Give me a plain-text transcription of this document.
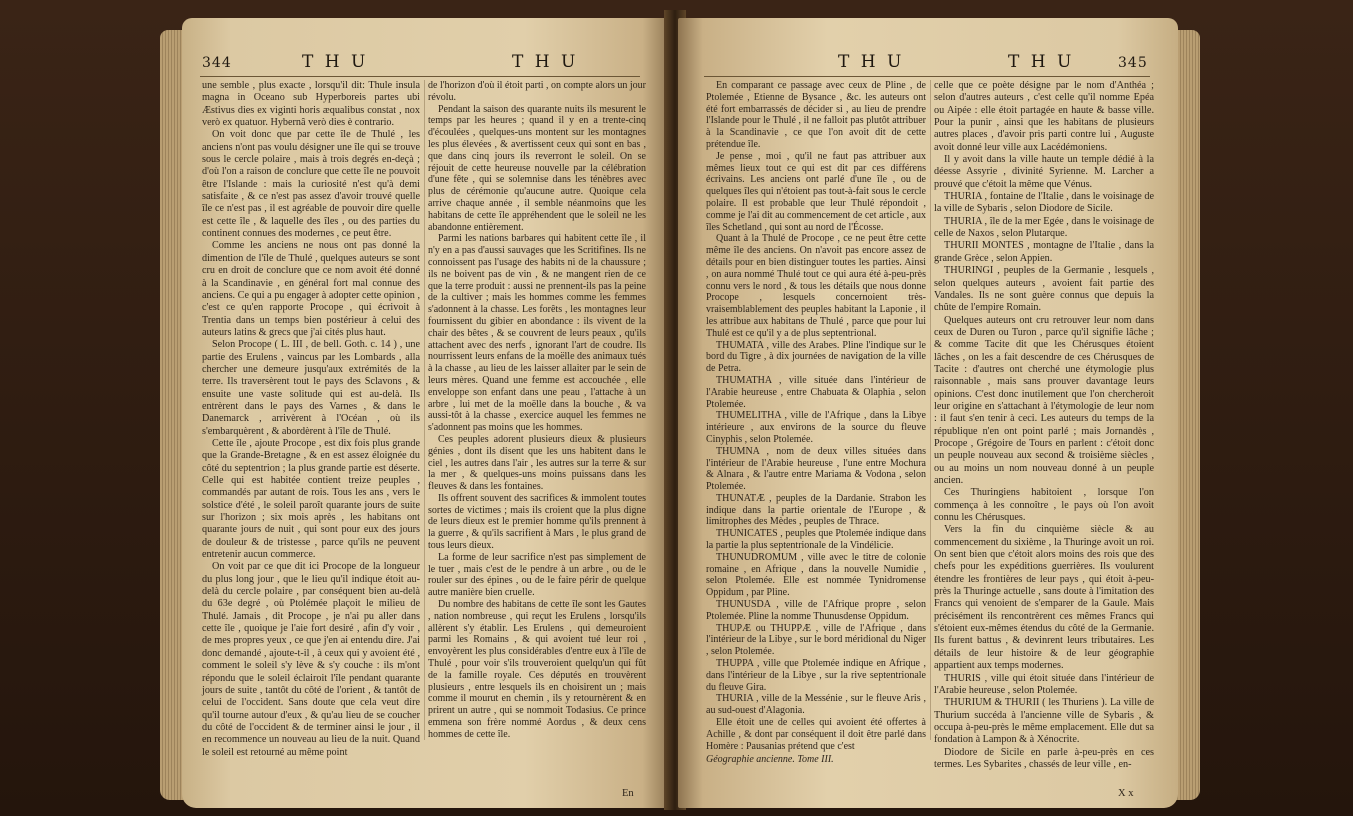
344	T H U	T H U

une semble , plus exacte , lorsqu'il dit: Thule insula magna in Oceano sub Hyperboreis partes ubi Æstivus dies ex viginti horis æqualibus constat , nox verò ex quatuor. Hybernâ verò dies è contrario.

On voit donc que par cette île de Thulé , les anciens n'ont pas voulu désigner une île qui se trouve sous le cercle polaire , mais à trois degrés en-deçà ; d'où l'on a raison de conclure que cette île ne pouvoit être l'Islande : mais la curiosité n'est qu'à demi satisfaite , & ce n'est pas assez d'avoir trouvé quelle île ce n'est pas , il est agréable de pouvoir dire quelle est cette île , & laquelle des îles , ou des parties du continent connues des modernes , ce peut être.

Comme les anciens ne nous ont pas donné la dimention de l'île de Thulé , quelques auteurs se sont cru en droit de conclure que ce nom avoit été donné à la Scandinavie , en général fort mal connue des anciens. Ce qui a pu engager à adopter cette opinion , c'est ce qu'en rapporte Procope , qui écrivoit à Trentia dans un temps bien postérieur à celui des auteurs latins & grecs que j'ai cités plus haut.

Selon Procope ( L. III , de bell. Goth. c. 14 ) , une partie des Erulens , vaincus par les Lombards , alla chercher une demeure jusqu'aux extrémités de la terre. Ils traversèrent tout le pays des Sclavons , & ensuite une vaste solitude qui est au-delà. Ils entrèrent dans le pays des Varnes , & dans le Danemarck , arrivèrent à l'Océan , où ils s'embarquèrent , & abordèrent à l'île de Thulé.

Cette île , ajoute Procope , est dix fois plus grande que la Grande-Bretagne , & en est assez éloignée du côté du septentrion ; la plus grande partie est déserte. Celle qui est habitée contient treize peuples , commandés par autant de rois. Tous les ans , vers le solstice d'été , le soleil paroît quarante jours de suite sur l'horizon ; six mois après , les habitans ont quarante jours de nuit , qui sont pour eux des jours de douleur & de tristesse , parce qu'ils ne peuvent entretenir aucun commerce.

On voit par ce que dit ici Procope de la longueur du plus long jour , que le lieu qu'il indique étoit au-delà du cercle polaire , par conséquent bien au-delà du 63e degré , où Ptolémée plaçoit le milieu de Thulé. Jamais , dit Procope , je n'ai pu aller dans cette île , quoique je l'aie fort desiré , afin d'y voir , de mes propres yeux , ce que j'en ai entendu dire. J'ai donc demandé , ajoute-t-il , à ceux qui y avoient été , comment le soleil s'y lève & s'y couche : ils m'ont répondu que le soleil éclairoit l'île pendant quarante jours de suite , tantôt du côté de l'orient , & tantôt de celui de l'occident. Sans doute que cela veut dire qu'il tourne autour d'eux , & qu'au lieu de se coucher du côté de l'occident & de terminer ainsi le jour , il en recommence un nouveau au lieu de la nuit. Quand le soleil est retourné au même point

de l'horizon d'où il étoit parti , on compte alors un jour révolu.

Pendant la saison des quarante nuits ils mesurent le temps par les heures ; quand il y en a trente-cinq d'écoulées , quelques-uns montent sur les montagnes les plus élevées , & avertissent ceux qui sont en bas , que dans cinq jours ils reverront le soleil. On se réjouit de cette heureuse nouvelle par la célébration d'une fête , qui se solemnise dans les ténèbres avec plus de cérémonie qu'aucune autre. Quoique cela arrive chaque année , il semble néanmoins que les habitans de cette île appréhendent que le soleil ne les abandonne entièrement.

Parmi les nations barbares qui habitent cette île , il n'y en a pas d'aussi sauvages que les Scritifines. Ils ne connoissent pas l'usage des habits ni de la chaussure ; ils ne boivent pas de vin , & ne mangent rien de ce que la terre produit : aussi ne prennent-ils pas la peine de la cultiver ; mais les hommes comme les femmes s'adonnent à la chasse. Les forêts , les montagnes leur fournissent du gibier en abondance : ils vivent de la chair des bêtes , & se couvrent de leurs peaux , qu'ils attachent avec des nerfs , ignorant l'art de coudre. Ils nourrissent leurs enfans de la moëlle des animaux tués à la chasse , au lieu de les laisser allaiter par le sein de leurs mères. Quand une femme est accouchée , elle enveloppe son enfant dans une peau , l'attache à un arbre , lui met de la moëlle dans la bouche , & va aussi-tôt à la chasse , exercice auquel les femmes ne s'adonnent pas moins que les hommes.

Ces peuples adorent plusieurs dieux & plusieurs génies , dont ils disent que les uns habitent dans le ciel , les autres dans l'air , les autres sur la terre & sur la mer , & quelques-uns moins puissans dans les fleuves & dans les fontaines.

Ils offrent souvent des sacrifices & immolent toutes sortes de victimes ; mais ils croient que la plus digne de leurs dieux est le premier homme qu'ils prennent à la guerre , & qu'ils sacrifient à Mars , le plus grand de tous leurs dieux.

La forme de leur sacrifice n'est pas simplement de le tuer , mais c'est de le pendre à un arbre , ou de le rouler sur des épines , ou de le faire périr de quelque autre manière bien cruelle.

Du nombre des habitans de cette île sont les Gautes , nation nombreuse , qui reçut les Erulens , lorsqu'ils allèrent s'y établir. Les Erulens , qui demeuroient parmi les Romains , & qui avoient tué leur roi , envoyèrent les plus considérables d'entre eux à l'île de Thulé , pour voir s'ils trouveroient quelqu'un qui fût de la famille royale. Ces députés en trouvèrent plusieurs , entre lesquels ils en choisirent un ; mais comme il mourut en chemin , ils y retournèrent & en prirent un autre , qui se nommoit Todasius. Ce prince emmena son frère nommé Aordus , & deux cens hommes de cette île.

En
T H U	T H U	345

En comparant ce passage avec ceux de Pline , de Ptolemée , Etienne de Bysance , &c. les auteurs ont été fort embarrassés de décider si , au lieu de prendre l'Islande pour le Thulé , il ne falloit pas plutôt attribuer à la Scandinavie , ce que l'on avoit dit de cette prétendue île.

Je pense , moi , qu'il ne faut pas attribuer aux mêmes lieux tout ce qui est dit par ces différens écrivains. Les anciens ont parlé d'une île , ou de quelques îles qui n'étoient pas tout-à-fait sous le cercle polaire. Il est probable que leur Thulé répondoit , comme je l'ai dit au commencement de cet article , aux îles Schetland , qui sont au nord de l'Écosse.

Quant à la Thulé de Procope , ce ne peut être cette même île des anciens. On n'avoit pas encore assez de détails pour en bien distinguer toutes les parties. Ainsi , on aura nommé Thulé tout ce qui aura été à-peu-près connu vers le nord , & tous les détails que nous donne Procope , lesquels concernoient très-vraisemblablement des peuples habitant la Laponie , il les attribue aux habitans de Thulé , parce que pour lui Thulé est ce qu'il y a de plus septentrional.

THUMATA , ville des Arabes. Pline l'indique sur le bord du Tigre , à dix journées de navigation de la ville de Petra.

THUMATHA , ville située dans l'intérieur de l'Arabie heureuse , entre Chabuata & Olaphia , selon Ptolemée.

THUMELITHA , ville de l'Afrique , dans la Libye intérieure , aux environs de la source du fleuve Cinyphis , selon Ptolemée.

THUMNA , nom de deux villes situées dans l'intérieur de l'Arabie heureuse , l'une entre Mochura & Alnara , & l'autre entre Mariama & Vodona , selon Ptolemée.

THUNATÆ , peuples de la Dardanie. Strabon les indique dans la partie orientale de l'Europe , & limitrophes des Mèdes , peuples de Thrace.

THUNICATES , peuples que Ptolemée indique dans la partie la plus septentrionale de la Vindélicie.

THUNUDROMUM , ville avec le titre de colonie romaine , en Afrique , dans la nouvelle Numidie , selon Ptolemée. Elle est nommée Tynidromense Oppidum , par Pline.

THUNUSDA , ville de l'Afrique propre , selon Ptolemée. Pline la nomme Thunusdense Oppidum.

THUPÆ ou THUPPÆ , ville de l'Afrique , dans l'intérieur de la Libye , sur le bord méridional du Niger , selon Ptolemée.

THUPPA , ville que Ptolemée indique en Afrique , dans l'intérieur de la Libye , sur la rive septentrionale du fleuve Gira.

THURIA , ville de la Messénie , sur le fleuve Aris , au sud-ouest d'Alagonia.

Elle étoit une de celles qui avoient été offertes à Achille , & dont par conséquent il doit être parlé dans Homère : Pausanias prétend que c'est

Géographie ancienne. Tome III.

celle que ce poète désigne par le nom d'Anthéa ; selon d'autres auteurs , c'est celle qu'il nomme Epéa ou Aipée : elle étoit partagée en haute & basse ville. Pour la punir , ainsi que les habitans de plusieurs autres places , d'avoir pris parti contre lui , Auguste avoit donné leur ville aux Lacédémoniens.

Il y avoit dans la ville haute un temple dédié à la déesse Assyrie , divinité Syrienne. M. Larcher a prouvé que c'étoit la même que Vénus.

THURIA , fontaine de l'Italie , dans le voisinage de la ville de Sybaris , selon Diodore de Sicile.

THURIA , île de la mer Egée , dans le voisinage de celle de Naxos , selon Plutarque.

THURII MONTES , montagne de l'Italie , dans la grande Grèce , selon Appien.

THURINGI , peuples de la Germanie , lesquels , selon quelques auteurs , avoient fait partie des Vandales. Ils ne sont guère connus que depuis la chûte de l'empire Romain.

Quelques auteurs ont cru retrouver leur nom dans ceux de Duren ou Turon , parce qu'il signifie lâche ; & comme Tacite dit que les Chérusques étoient lâches , on les a fait descendre de ces Chérusques de Tacite : d'autres ont cherché une étymologie plus raisonnable , mais sans prouver davantage leurs opinions. C'est donc inutilement que l'on chercheroit leur origine en s'attachant à l'étymologie de leur nom : il faut s'en tenir à ceci. Les auteurs du temps de la république n'en ont point parlé ; mais Jornandès , Procope , Grégoire de Tours en parlent : c'étoit donc un peuple nouveau aux second & troisième siècles , ou au moins un nom nouveau donné à un peuple ancien.

Ces Thuringiens habitoient , lorsque l'on commença à les connoître , le pays où l'on avoit connu les Chérusques.

Vers la fin du cinquième siècle & au commencement du sixième , la Thuringe avoit un roi. On sent bien que c'étoit alors moins des rois que des chefs pour les expéditions guerrières. Ils voulurent étendre les frontières de leur pays , qui étoit à-peu-près la Thuringe actuelle , sans doute à l'imitation des Francs qui venoient de s'emparer de la Gaule. Mais précisément ils rencontrèrent ces mêmes Francs qui s'étoient eux-mêmes étendus du côté de la Germanie. Ils furent battus , & devinrent leurs tributaires. Les détails de leur histoire & de leur géographie appartient aux temps modernes.

THURIS , ville qui étoit située dans l'intérieur de l'Arabie heureuse , selon Ptolemée.

THURIUM & THURII ( les Thuriens ). La ville de Thurium succéda à l'ancienne ville de Sybaris , & occupa à-peu-près le même emplacement. Elle dut sa fondation à Lampon & à Xénocrite.

Diodore de Sicile en parle à-peu-près en ces termes. Les Sybarites , chassés de leur ville , en-

X x
